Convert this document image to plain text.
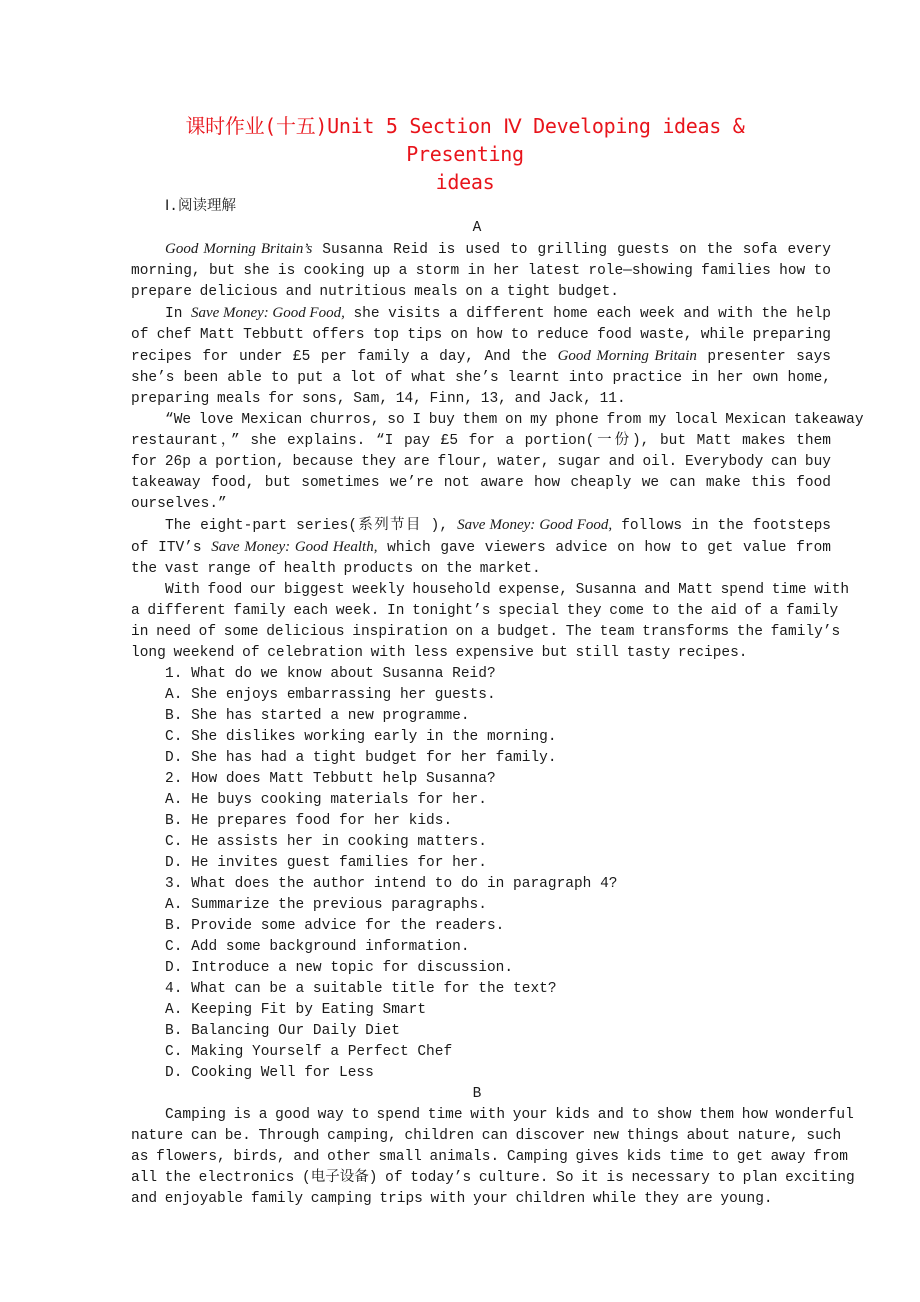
课时作业(十五)Unit 5 Section Ⅳ Developing ideas & Presenting
ideas
Ⅰ.阅读理解
A
Good Morning Britain’s Susanna Reid is used to grilling guests on the sofa every
morning, but she is cooking up a storm in her latest role—showing families how to
prepare delicious and nutritious meals on a tight budget.
In Save Money: Good Food, she visits a different home each week and with the help
of chef Matt Tebbutt offers top tips on how to reduce food waste, while preparing
recipes for under £5 per family a day, And the Good Morning Britain presenter says
she’s been able to put a lot of what she’s learnt into practice in her own home,
preparing meals for sons, Sam, 14, Finn, 13, and Jack, 11.
“We love Mexican churros, so I buy them on my phone from my local Mexican takeaway
restaurant，” she explains. “I pay £5 for a portion(一份), but Matt makes them
for 26p a portion, because they are flour, water, sugar and oil. Everybody can buy
takeaway food, but sometimes we’re not aware how cheaply we can make this food
ourselves.”
The eight-part series(系列节目 ), Save Money: Good Food, follows in the footsteps
of ITV’s Save Money: Good Health, which gave viewers advice on how to get value from
the vast range of health products on the market.
With food our biggest weekly household expense, Susanna and Matt spend time with
a different family each week. In tonight’s special they come to the aid of a family
in need of some delicious inspiration on a budget. The team transforms the family’s
long weekend of celebration with less expensive but still tasty recipes.
1. What do we know about Susanna Reid?
A. She enjoys embarrassing her guests.
B. She has started a new programme.
C. She dislikes working early in the morning.
D. She has had a tight budget for her family.
2. How does Matt Tebbutt help Susanna?
A. He buys cooking materials for her.
B. He prepares food for her kids.
C. He assists her in cooking matters.
D. He invites guest families for her.
3. What does the author intend to do in paragraph 4?
A. Summarize the previous paragraphs.
B. Provide some advice for the readers.
C. Add some background information.
D. Introduce a new topic for discussion.
4. What can be a suitable title for the text?
A. Keeping Fit by Eating Smart
B. Balancing Our Daily Diet
C. Making Yourself a Perfect Chef
D. Cooking Well for Less
B
Camping is a good way to spend time with your kids and to show them how wonderful
nature can be. Through camping, children can discover new things about nature, such
as flowers, birds, and other small animals. Camping gives kids time to get away from
all the electronics (电子设备) of today’s culture. So it is necessary to plan exciting
and enjoyable family camping trips with your children while they are young.
